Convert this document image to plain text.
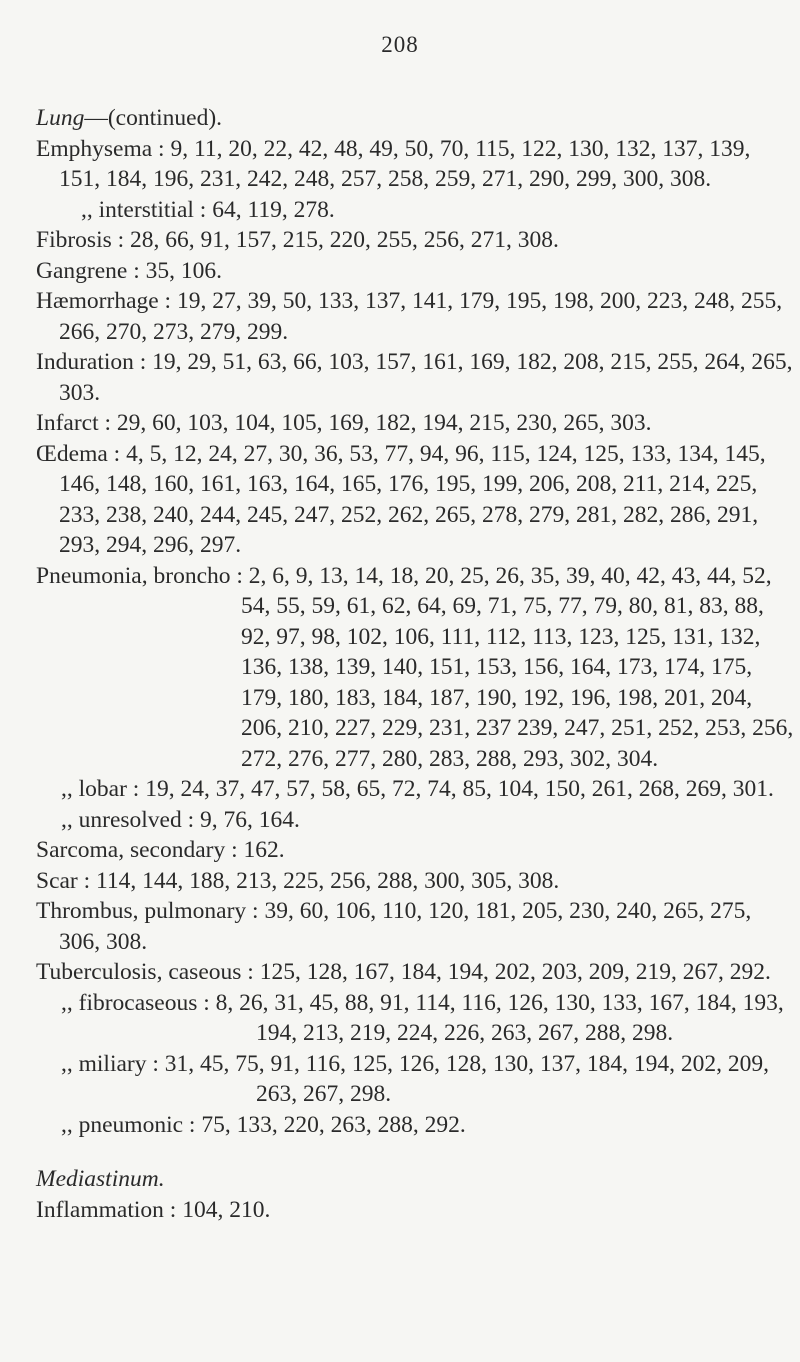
208

Lung—(continued).

Emphysema : 9, 11, 20, 22, 42, 48, 49, 50, 70, 115, 122, 130, 132, 137, 139, 151, 184, 196, 231, 242, 248, 257, 258, 259, 271, 290, 299, 300, 308.

,, interstitial : 64, 119, 278.

Fibrosis : 28, 66, 91, 157, 215, 220, 255, 256, 271, 308.

Gangrene : 35, 106.

Hæmorrhage : 19, 27, 39, 50, 133, 137, 141, 179, 195, 198, 200, 223, 248, 255, 266, 270, 273, 279, 299.

Induration : 19, 29, 51, 63, 66, 103, 157, 161, 169, 182, 208, 215, 255, 264, 265, 303.

Infarct : 29, 60, 103, 104, 105, 169, 182, 194, 215, 230, 265, 303.

Œdema : 4, 5, 12, 24, 27, 30, 36, 53, 77, 94, 96, 115, 124, 125, 133, 134, 145, 146, 148, 160, 161, 163, 164, 165, 176, 195, 199, 206, 208, 211, 214, 225, 233, 238, 240, 244, 245, 247, 252, 262, 265, 278, 279, 281, 282, 286, 291, 293, 294, 296, 297.

Pneumonia, broncho : 2, 6, 9, 13, 14, 18, 20, 25, 26, 35, 39, 40, 42, 43, 44, 52, 54, 55, 59, 61, 62, 64, 69, 71, 75, 77, 79, 80, 81, 83, 88, 92, 97, 98, 102, 106, 111, 112, 113, 123, 125, 131, 132, 136, 138, 139, 140, 151, 153, 156, 164, 173, 174, 175, 179, 180, 183, 184, 187, 190, 192, 196, 198, 201, 204, 206, 210, 227, 229, 231, 237 239, 247, 251, 252, 253, 256, 272, 276, 277, 280, 283, 288, 293, 302, 304.

,, lobar : 19, 24, 37, 47, 57, 58, 65, 72, 74, 85, 104, 150, 261, 268, 269, 301.

,, unresolved : 9, 76, 164.

Sarcoma, secondary : 162.

Scar : 114, 144, 188, 213, 225, 256, 288, 300, 305, 308.

Thrombus, pulmonary : 39, 60, 106, 110, 120, 181, 205, 230, 240, 265, 275, 306, 308.

Tuberculosis, caseous : 125, 128, 167, 184, 194, 202, 203, 209, 219, 267, 292.

,, fibrocaseous : 8, 26, 31, 45, 88, 91, 114, 116, 126, 130, 133, 167, 184, 193, 194, 213, 219, 224, 226, 263, 267, 288, 298.

,, miliary : 31, 45, 75, 91, 116, 125, 126, 128, 130, 137, 184, 194, 202, 209, 263, 267, 298.

,, pneumonic : 75, 133, 220, 263, 288, 292.

Mediastinum.

Inflammation : 104, 210.
